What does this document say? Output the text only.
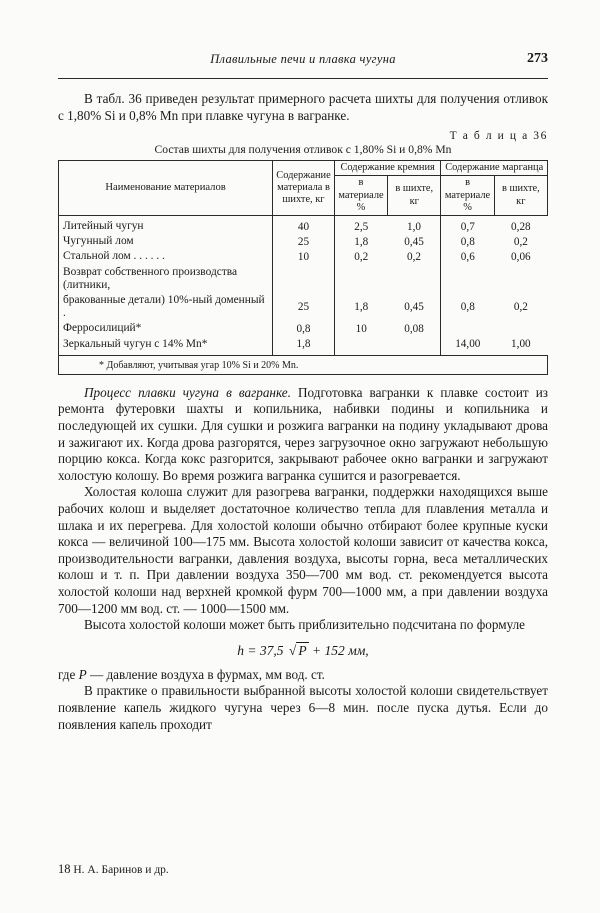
Плавильные печи и плавка чугуна	273

В табл. 36 приведен результат примерного расчета шихты для получения отливок с 1,80% Si и 0,8% Mn при плавке чугуна в вагранке.

Т а б л и ц а 36
Состав шихты для получения отливок с 1,80% Si и 0,8% Mn
Наименование материалов	Содержание материала в шихте, кг	Содержание кремния		Содержание марганца	
		в материале %	в шихте, кг	в материале %	в шихте, кг
Литейный чугун	40	2,5	1,0	0,7	0,28
Чугунный лом	25	1,8	0,45	0,8	0,2
Стальной лом . . . . . .	10	0,2	0,2	0,6	0,06
Возврат собственного производства (литники,					
бракованные детали) 10%-ный доменный .	25	1,8	0,45	0,8	0,2
Ферросилиций*	0,8	10	0,08		
Зеркальный чугун с 14% Mn*	1,8			14,00	1,00
* Добавляют, учитывая угар 10% Si и 20% Mn.

Процесс плавки чугуна в вагранке. Подготовка вагранки к плавке состоит из ремонта футеровки шахты и копильника, набивки подины и копильника и последующей их сушки. Для сушки и розжига вагранки на подину укладывают дрова и зажигают их. Когда дрова разгорятся, через загрузочное окно загружают небольшую порцию кокса. Когда кокс разгорится, закрывают рабочее окно вагранки и загружают холостую колошу. Во время розжига вагранка сушится и разогревается.

Холостая колоша служит для разогрева вагранки, поддержки находящихся выше рабочих колош и выделяет достаточное количество тепла для плавления металла и шлака и их перегрева. Для холостой колоши обычно отбирают более крупные куски кокса — величиной 100—175 мм. Высота холостой колоши зависит от качества кокса, производительности вагранки, давления воздуха, высоты горна, веса металлических колош и т. п. При давлении воздуха 350—700 мм вод. ст. рекомендуется высота холостой колоши над верхней кромкой фурм 700—1000 мм, а при давлении воздуха 700—1200 мм вод. ст. — 1000—1500 мм.

Высота холостой колоши может быть приблизительно подсчитана по формуле

h = 37,5 √ P + 152 мм,

где P — давление воздуха в фурмах, мм вод. ст.

В практике о правильности выбранной высоты холостой колоши свидетельствует появление капель жидкого чугуна через 6—8 мин. после пуска дутья. Если до появления капель проходит

18 Н. А. Баринов и др.
